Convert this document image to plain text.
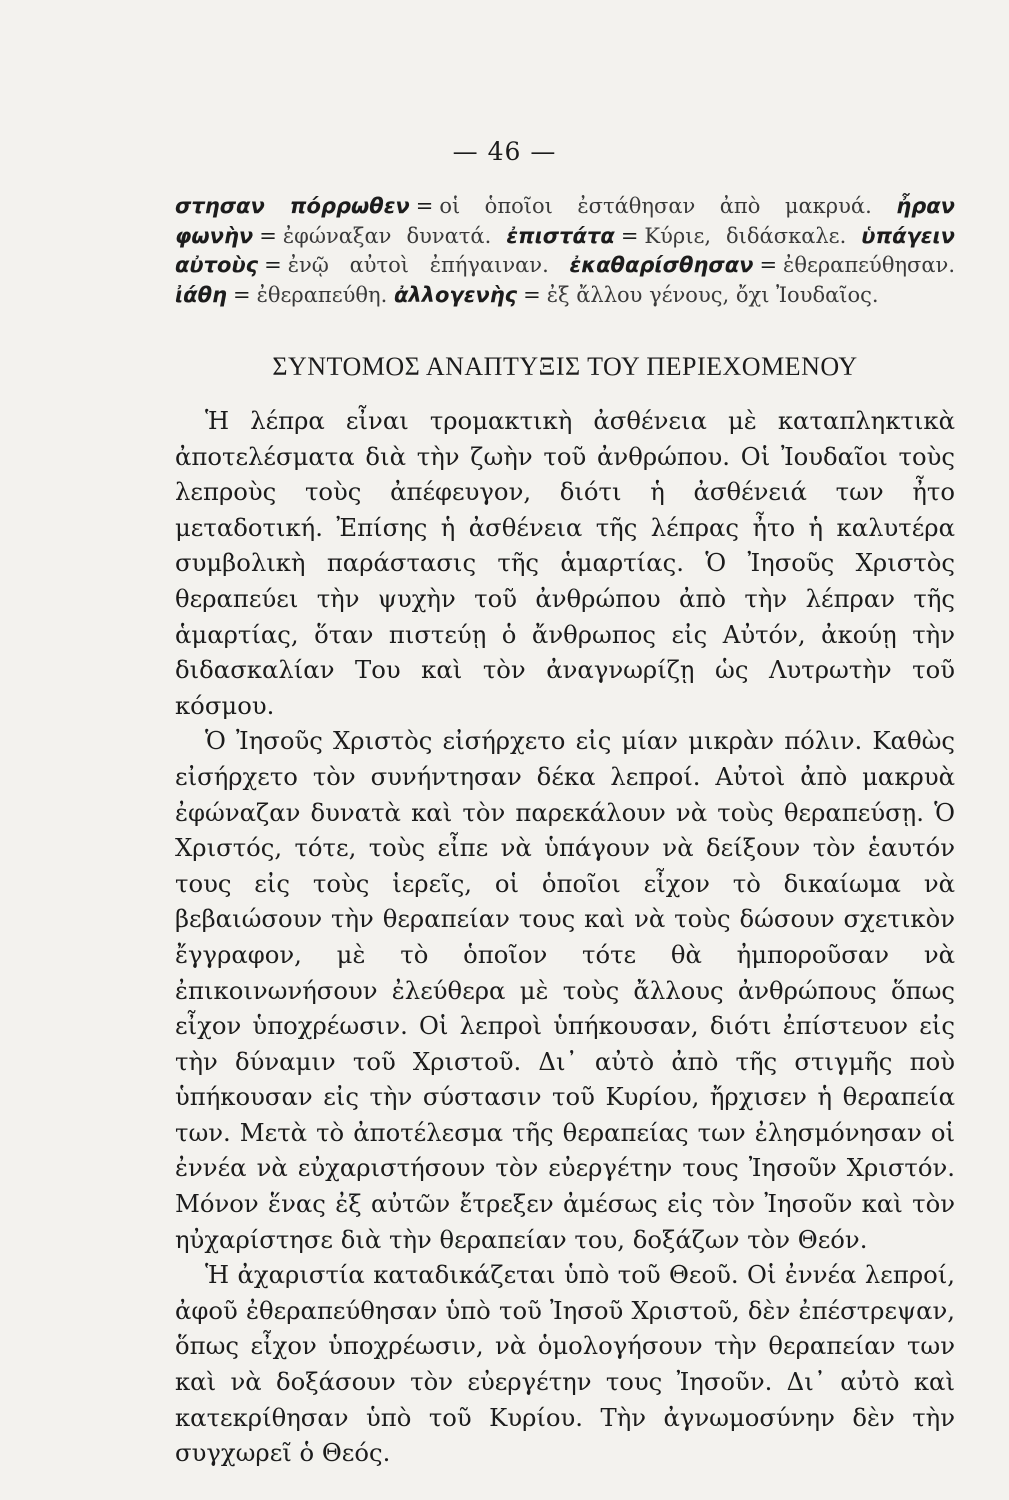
— 46 —
στησαν πόρρωθεν = οἱ ὁποῖοι ἐστάθησαν ἀπὸ μακρυά. ἦραν φωνὴν = ἐφώναξαν δυνατά. ἐπιστάτα = Κύριε, διδάσκαλε. ὑπάγειν αὐτοὺς = ἐνῷ αὐτοὶ ἐπήγαιναν. ἐκαθαρίσθησαν = ἐθεραπεύθησαν. ἰάθη = ἐθεραπεύθη. ἀλλογενὴς = ἐξ ἄλλου γένους, ὄχι Ἰουδαῖος.
ΣΥΝΤΟΜΟΣ ΑΝΑΠΤΥΞΙΣ ΤΟΥ ΠΕΡΙΕΧΟΜΕΝΟΥ

Ἡ λέπρα εἶναι τρομακτικὴ ἀσθένεια μὲ καταπληκτικὰ ἀποτελέσματα διὰ τὴν ζωὴν τοῦ ἀνθρώπου. Οἱ Ἰουδαῖοι τοὺς λεπροὺς τοὺς ἀπέφευγον, διότι ἡ ἀσθένειά των ἦτο μεταδοτική. Ἐπίσης ἡ ἀσθένεια τῆς λέπρας ἦτο ἡ καλυτέρα συμβολικὴ παράστασις τῆς ἁμαρτίας. Ὁ Ἰησοῦς Χριστὸς θεραπεύει τὴν ψυχὴν τοῦ ἀνθρώπου ἀπὸ τὴν λέπραν τῆς ἁμαρτίας, ὅταν πιστεύῃ ὁ ἄνθρωπος εἰς Αὐτόν, ἀκούῃ τὴν διδασκαλίαν Του καὶ τὸν ἀναγνωρίζῃ ὡς Λυτρωτὴν τοῦ κόσμου.

Ὁ Ἰησοῦς Χριστὸς εἰσήρχετο εἰς μίαν μικρὰν πόλιν. Καθὼς εἰσήρχετο τὸν συνήντησαν δέκα λεπροί. Αὐτοὶ ἀπὸ μακρυὰ ἐφώναζαν δυνατὰ καὶ τὸν παρεκάλουν νὰ τοὺς θεραπεύσῃ. Ὁ Χριστός, τότε, τοὺς εἶπε νὰ ὑπάγουν νὰ δείξουν τὸν ἑαυτόν τους εἰς τοὺς ἱερεῖς, οἱ ὁποῖοι εἶχον τὸ δικαίωμα νὰ βεβαιώσουν τὴν θεραπείαν τους καὶ νὰ τοὺς δώσουν σχετικὸν ἔγγραφον, μὲ τὸ ὁποῖον τότε θὰ ἠμποροῦσαν νὰ ἐπικοινωνήσουν ἐλεύθερα μὲ τοὺς ἄλλους ἀνθρώπους ὅπως εἶχον ὑποχρέωσιν. Οἱ λεπροὶ ὑπήκουσαν, διότι ἐπίστευον εἰς τὴν δύναμιν τοῦ Χριστοῦ. Δι᾽ αὐτὸ ἀπὸ τῆς στιγμῆς ποὺ ὑπήκουσαν εἰς τὴν σύστασιν τοῦ Κυρίου, ἤρχισεν ἡ θεραπεία των. Μετὰ τὸ ἀποτέλεσμα τῆς θεραπείας των ἐλησμόνησαν οἱ ἐννέα νὰ εὐχαριστήσουν τὸν εὐεργέτην τους Ἰησοῦν Χριστόν. Μόνον ἕνας ἐξ αὐτῶν ἔτρεξεν ἀμέσως εἰς τὸν Ἰησοῦν καὶ τὸν ηὐχαρίστησε διὰ τὴν θεραπείαν του, δοξάζων τὸν Θεόν.

Ἡ ἀχαριστία καταδικάζεται ὑπὸ τοῦ Θεοῦ. Οἱ ἐννέα λεπροί, ἀφοῦ ἐθεραπεύθησαν ὑπὸ τοῦ Ἰησοῦ Χριστοῦ, δὲν ἐπέστρεψαν, ὅπως εἶχον ὑποχρέωσιν, νὰ ὁμολογήσουν τὴν θεραπείαν των καὶ νὰ δοξάσουν τὸν εὐεργέτην τους Ἰησοῦν. Δι᾽ αὐτὸ καὶ κατεκρίθησαν ὑπὸ τοῦ Κυρίου. Τὴν ἀγνωμοσύνην δὲν τὴν συγχωρεῖ ὁ Θεός.
